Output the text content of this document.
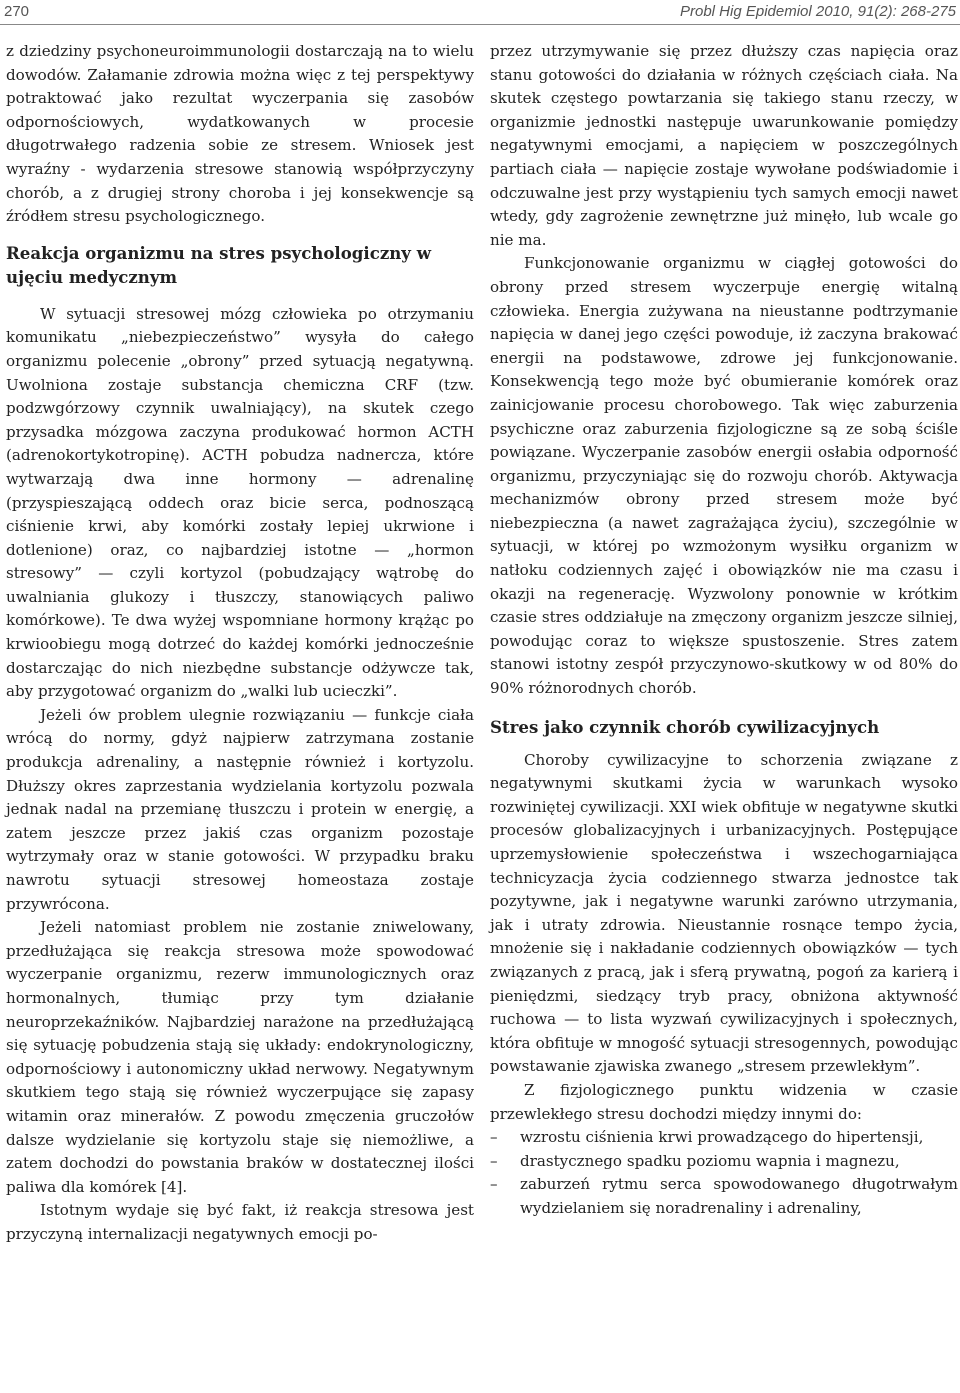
270	Probl Hig Epidemiol 2010, 91(2): 268-275

z dziedziny psychoneuroimmunologii dostarczają na to wielu dowodów. Załamanie zdrowia można więc z tej perspektywy potraktować jako rezultat wyczerpania się zasobów odpornościowych, wydatkowanych w procesie długotrwałego radzenia sobie ze stresem. Wniosek jest wyraźny - wydarzenia stresowe stanowią współprzyczyny chorób, a z drugiej strony choroba i jej konsekwencje są źródłem stresu psychologicznego.

Reakcja organizmu na stres psychologiczny w ujęciu medycznym

W sytuacji stresowej mózg człowieka po otrzymaniu komunikatu „niebezpieczeństwo” wysyła do całego organizmu polecenie „obrony” przed sytuacją negatywną. Uwolniona zostaje substancja chemiczna CRF (tzw. podzwgórzowy czynnik uwalniający), na skutek czego przysadka mózgowa zaczyna produkować hormon ACTH (adrenokortykotropinę). ACTH pobudza nadnercza, które wytwarzają dwa inne hormony — adrenalinę (przyspieszającą oddech oraz bicie serca, podnoszącą ciśnienie krwi, aby komórki zostały lepiej ukrwione i dotlenione) oraz, co najbardziej istotne — „hormon stresowy” — czyli kortyzol (pobudzający wątrobę do uwalniania glukozy i tłuszczy, stanowiących paliwo komórkowe). Te dwa wyżej wspomniane hormony krążąc po krwioobiegu mogą dotrzeć do każdej komórki jednocześnie dostarczając do nich niezbędne substancje odżywcze tak, aby przygotować organizm do „walki lub ucieczki”.

Jeżeli ów problem ulegnie rozwiązaniu — funkcje ciała wrócą do normy, gdyż najpierw zatrzymana zostanie produkcja adrenaliny, a następnie również i kortyzolu. Dłuższy okres zaprzestania wydzielania kortyzolu pozwala jednak nadal na przemianę tłuszczu i protein w energię, a zatem jeszcze przez jakiś czas organizm pozostaje wytrzymały oraz w stanie gotowości. W przypadku braku nawrotu sytuacji stresowej homeostaza zostaje przywrócona.

Jeżeli natomiast problem nie zostanie zniwelowany, przedłużająca się reakcja stresowa może spowodować wyczerpanie organizmu, rezerw immunologicznych oraz hormonalnych, tłumiąc przy tym działanie neuroprzekaźników. Najbardziej narażone na przedłużającą się sytuację pobudzenia stają się układy: endokrynologiczny, odpornościowy i autonomiczny układ nerwowy. Negatywnym skutkiem tego stają się również wyczerpujące się zapasy witamin oraz minerałów. Z powodu zmęczenia gruczołów dalsze wydzielanie się kortyzolu staje się niemożliwe, a zatem dochodzi do powstania braków w dostatecznej ilości paliwa dla komórek [4].

Istotnym wydaje się być fakt, iż reakcja stresowa jest przyczyną internalizacji negatywnych emocji po-

przez utrzymywanie się przez dłuższy czas napięcia oraz stanu gotowości do działania w różnych częściach ciała. Na skutek częstego powtarzania się takiego stanu rzeczy, w organizmie jednostki następuje uwarunkowanie pomiędzy negatywnymi emocjami, a napięciem w poszczególnych partiach ciała — napięcie zostaje wywołane podświadomie i odczuwalne jest przy wystąpieniu tych samych emocji nawet wtedy, gdy zagrożenie zewnętrzne już minęło, lub wcale go nie ma.

Funkcjonowanie organizmu w ciągłej gotowości do obrony przed stresem wyczerpuje energię witalną człowieka. Energia zużywana na nieustanne podtrzymanie napięcia w danej jego części powoduje, iż zaczyna brakować energii na podstawowe, zdrowe jej funkcjonowanie. Konsekwencją tego może być obumieranie komórek oraz zainicjowanie procesu chorobowego. Tak więc zaburzenia psychiczne oraz zaburzenia fizjologiczne są ze sobą ściśle powiązane. Wyczerpanie zasobów energii osłabia odporność organizmu, przyczyniając się do rozwoju chorób. Aktywacja mechanizmów obrony przed stresem może być niebezpieczna (a nawet zagrażająca życiu), szczególnie w sytuacji, w której po wzmożonym wysiłku organizm w natłoku codziennych zajęć i obowiązków nie ma czasu i okazji na regenerację. Wyzwolony ponownie w krótkim czasie stres oddziałuje na zmęczony organizm jeszcze silniej, powodując coraz to większe spustoszenie. Stres zatem stanowi istotny zespół przyczynowo-skutkowy w od 80% do 90% różnorodnych chorób.

Stres jako czynnik chorób cywilizacyjnych

Choroby cywilizacyjne to schorzenia związane z negatywnymi skutkami życia w warunkach wysoko rozwiniętej cywilizacji. XXI wiek obfituje w negatywne skutki procesów globalizacyjnych i urbanizacyjnych. Postępujące uprzemysłowienie społeczeństwa i wszechogarniająca technicyzacja życia codziennego stwarza jednostce tak pozytywne, jak i negatywne warunki zarówno utrzymania, jak i utraty zdrowia. Nieustannie rosnące tempo życia, mnożenie się i nakładanie codziennych obowiązków — tych związanych z pracą, jak i sferą prywatną, pogoń za karierą i pieniędzmi, siedzący tryb pracy, obniżona aktywność ruchowa — to lista wyzwań cywilizacyjnych i społecznych, która obfituje w mnogość sytuacji stresogennych, powodując powstawanie zjawiska zwanego „stresem przewlekłym”.

Z fizjologicznego punktu widzenia w czasie przewlekłego stresu dochodzi między innymi do:

– wzrostu ciśnienia krwi prowadzącego do hipertensji,
– drastycznego spadku poziomu wapnia i magnezu,
– zaburzeń rytmu serca spowodowanego długotrwałym wydzielaniem się noradrenaliny i adrenaliny,
